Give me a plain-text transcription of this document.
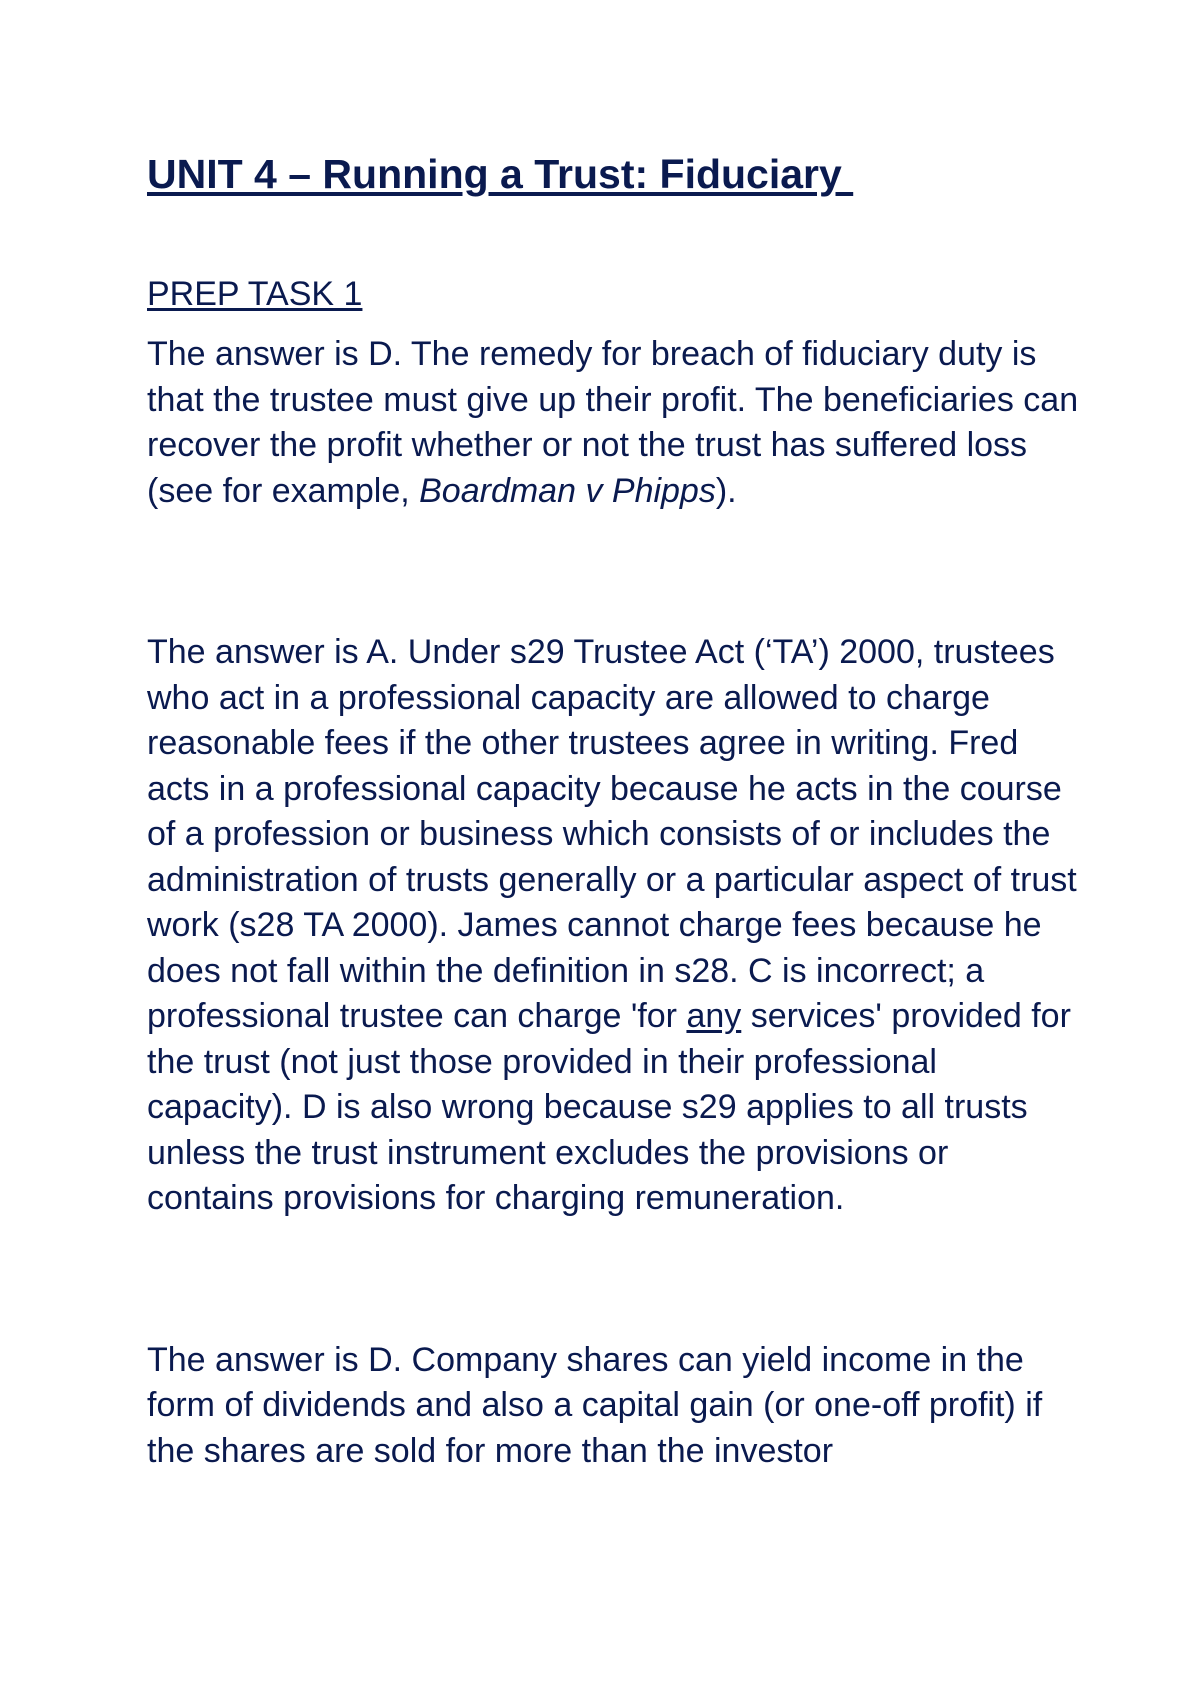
UNIT 4 – Running a Trust: Fiduciary
PREP TASK 1

The answer is D. The remedy for breach of fiduciary duty is that the trustee must give up their profit. The beneficiaries can recover the profit whether or not the trust has suffered loss (see for example, Boardman v Phipps).

The answer is A. Under s29 Trustee Act (‘TA’) 2000, trustees who act in a professional capacity are allowed to charge reasonable fees if the other trustees agree in writing. Fred acts in a professional capacity because he acts in the course of a profession or business which consists of or includes the administration of trusts generally or a particular aspect of trust work (s28 TA 2000). James cannot charge fees because he does not fall within the definition in s28. C is incorrect; a professional trustee can charge 'for any services' provided for the trust (not just those provided in their professional capacity). D is also wrong because s29 applies to all trusts unless the trust instrument excludes the provisions or contains provisions for charging remuneration.

The answer is D. Company shares can yield income in the form of dividends and also a capital gain (or one-off profit) if the shares are sold for more than the investor
